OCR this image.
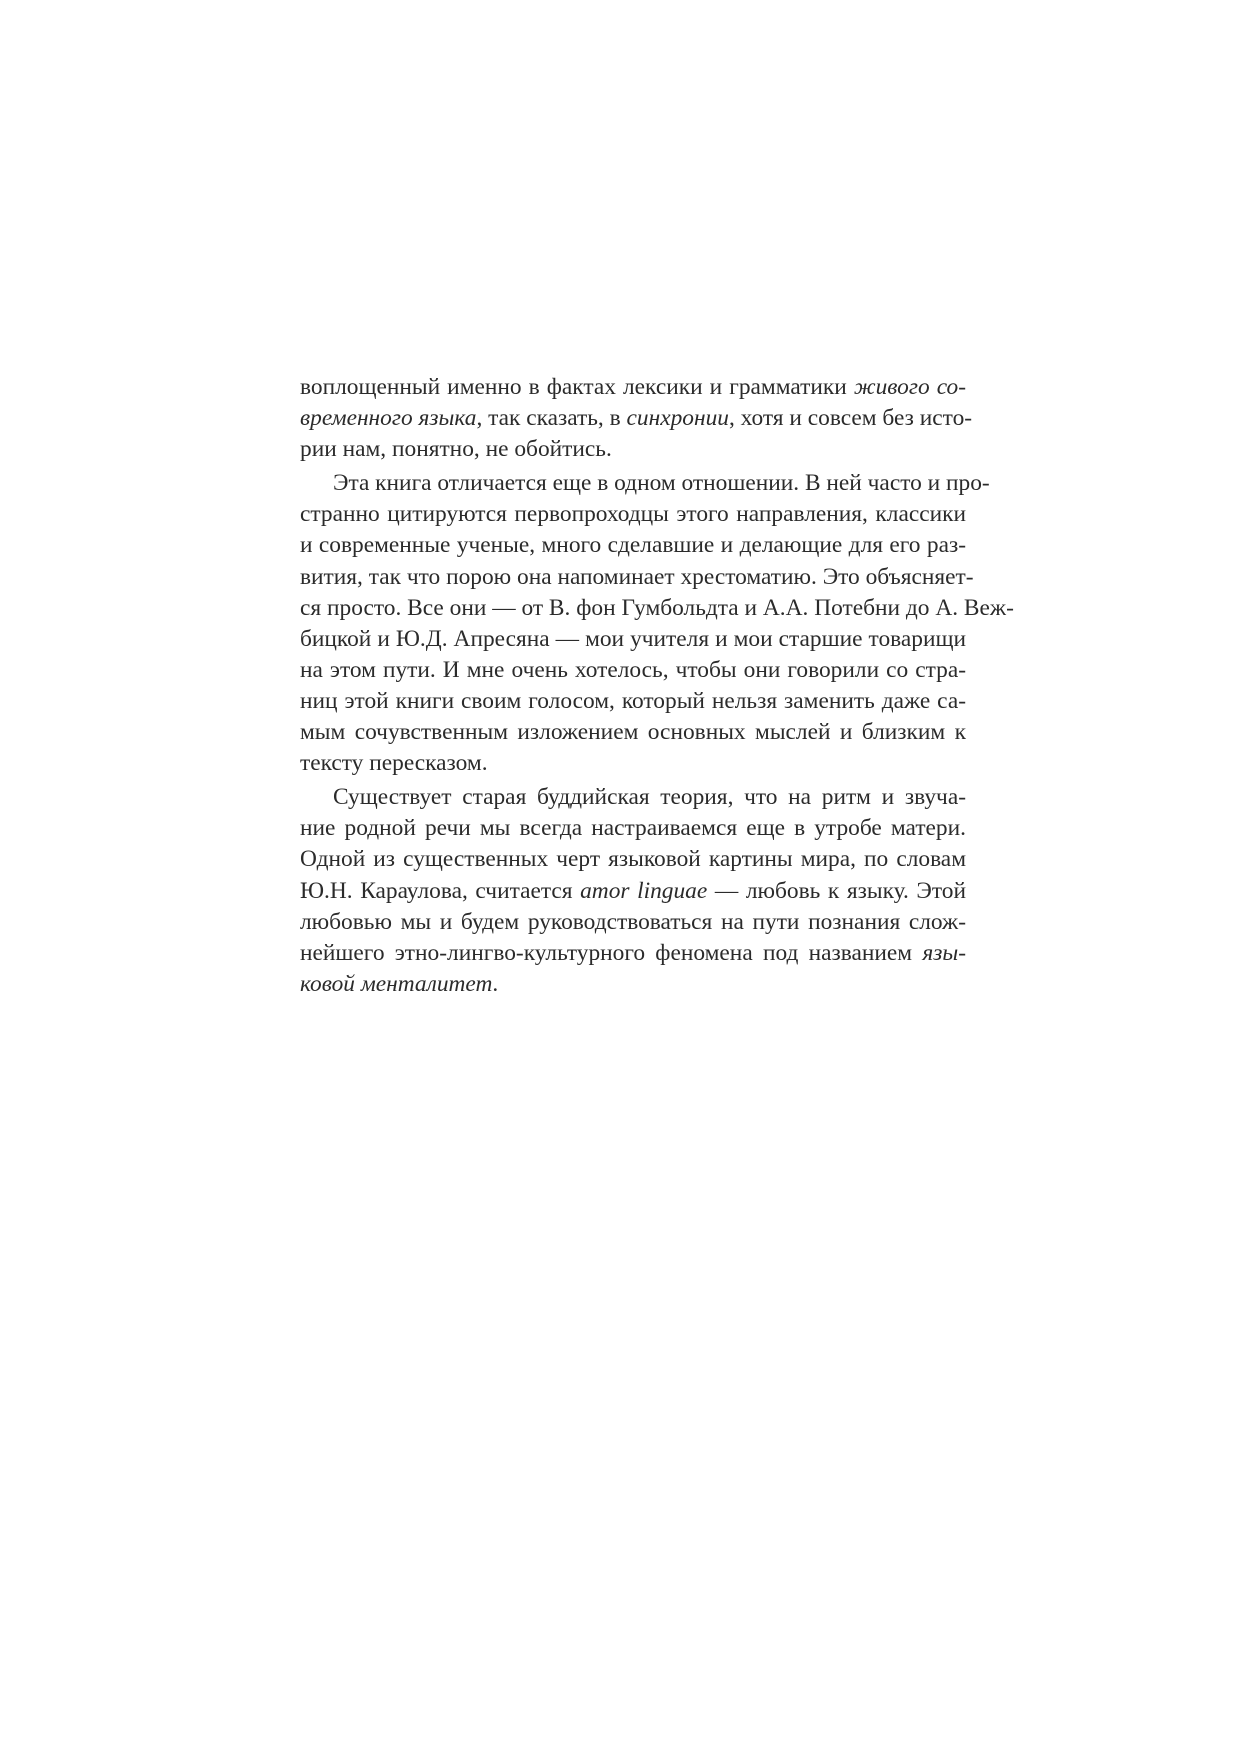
воплощенный именно в фактах лексики и грамматики живого со-
временного языка, так сказать, в синхронии, хотя и совсем без исто-
рии нам, понятно, не обойтись.
Эта книга отличается еще в одном отношении. В ней часто и про-
странно цитируются первопроходцы этого направления, классики
и современные ученые, много сделавшие и делающие для его раз-
вития, так что порою она напоминает хрестоматию. Это объясняет-
ся просто. Все они — от В. фон Гумбольдта и А.А. Потебни до А. Веж-
бицкой и Ю.Д. Апресяна — мои учителя и мои старшие товарищи
на этом пути. И мне очень хотелось, чтобы они говорили со стра-
ниц этой книги своим голосом, который нельзя заменить даже са-
мым сочувственным изложением основных мыслей и близким к
тексту пересказом.
Существует старая буддийская теория, что на ритм и звуча-
ние родной речи мы всегда настраиваемся еще в утробе матери.
Одной из существенных черт языковой картины мира, по словам
Ю.Н. Караулова, считается amor linguae — любовь к языку. Этой
любовью мы и будем руководствоваться на пути познания слож-
нейшего этно-лингво-культурного феномена под названием язы-
ковой менталитет.
